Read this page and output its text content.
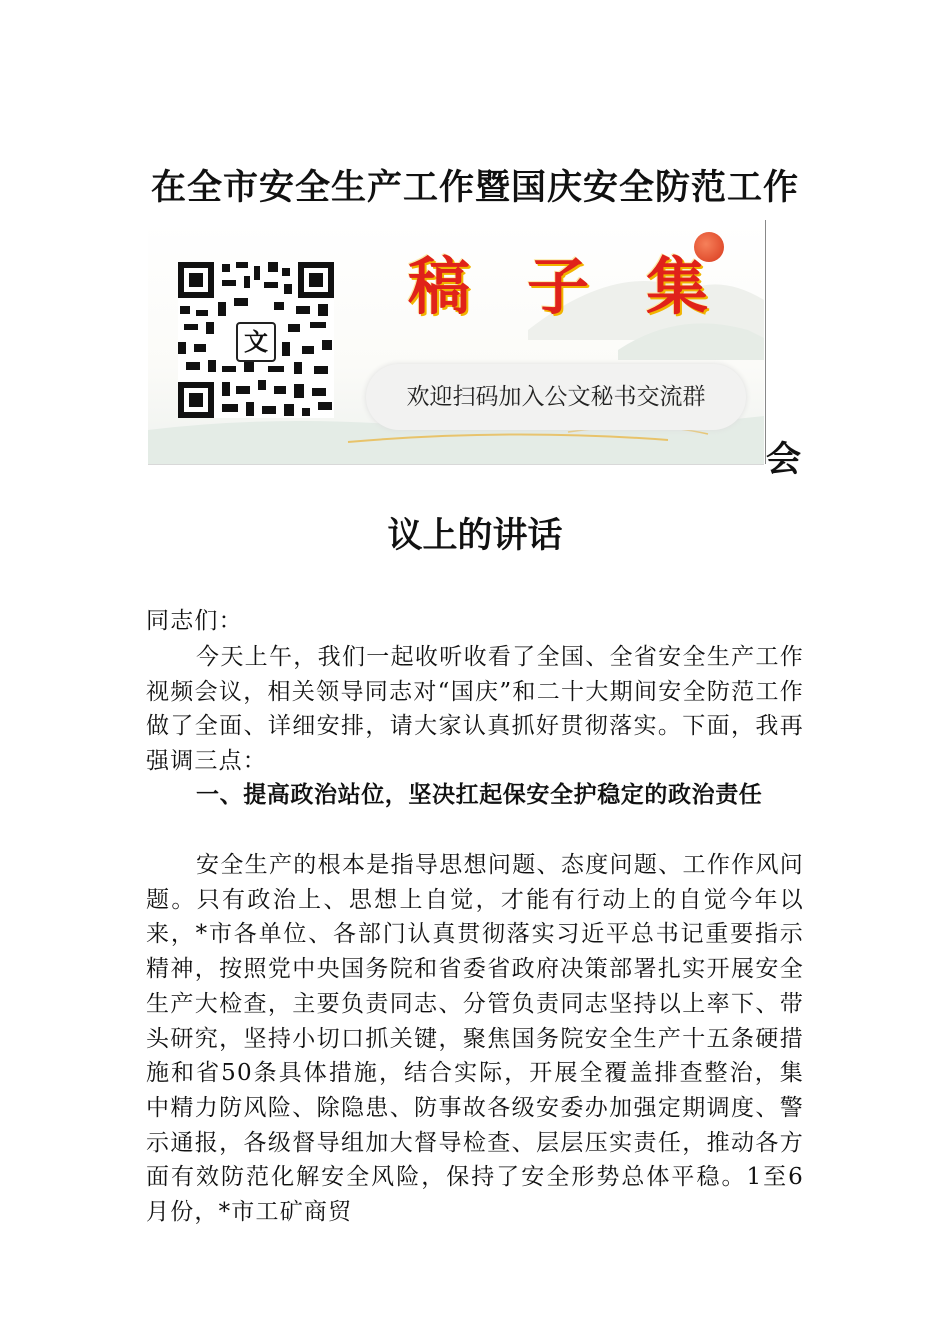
在全市安全生产工作暨国庆安全防范工作
文
稿 子 集
欢迎扫码加入公文秘书交流群
会
议上的讲话
同志们：
今天上午，我们一起收听收看了全国、全省安全生产工作视频会议，相关领导同志对“国庆”和二十大期间安全防范工作做了全面、详细安排，请大家认真抓好贯彻落实。下面，我再强调三点：
一、提高政治站位，坚决扛起保安全护稳定的政治责任
安全生产的根本是指导思想问题、态度问题、工作作风问题。只有政治上、思想上自觉，才能有行动上的自觉今年以来，*市各单位、各部门认真贯彻落实习近平总书记重要指示精神，按照党中央国务院和省委省政府决策部署扎实开展安全生产大检查，主要负责同志、分管负责同志坚持以上率下、带头研究，坚持小切口抓关键，聚焦国务院安全生产十五条硬措施和省50条具体措施，结合实际，开展全覆盖排查整治，集中精力防风险、除隐患、防事故各级安委办加强定期调度、警示通报，各级督导组加大督导检查、层层压实责任，推动各方面有效防范化解安全风险，保持了安全形势总体平稳。1至6月份，*市工矿商贸
